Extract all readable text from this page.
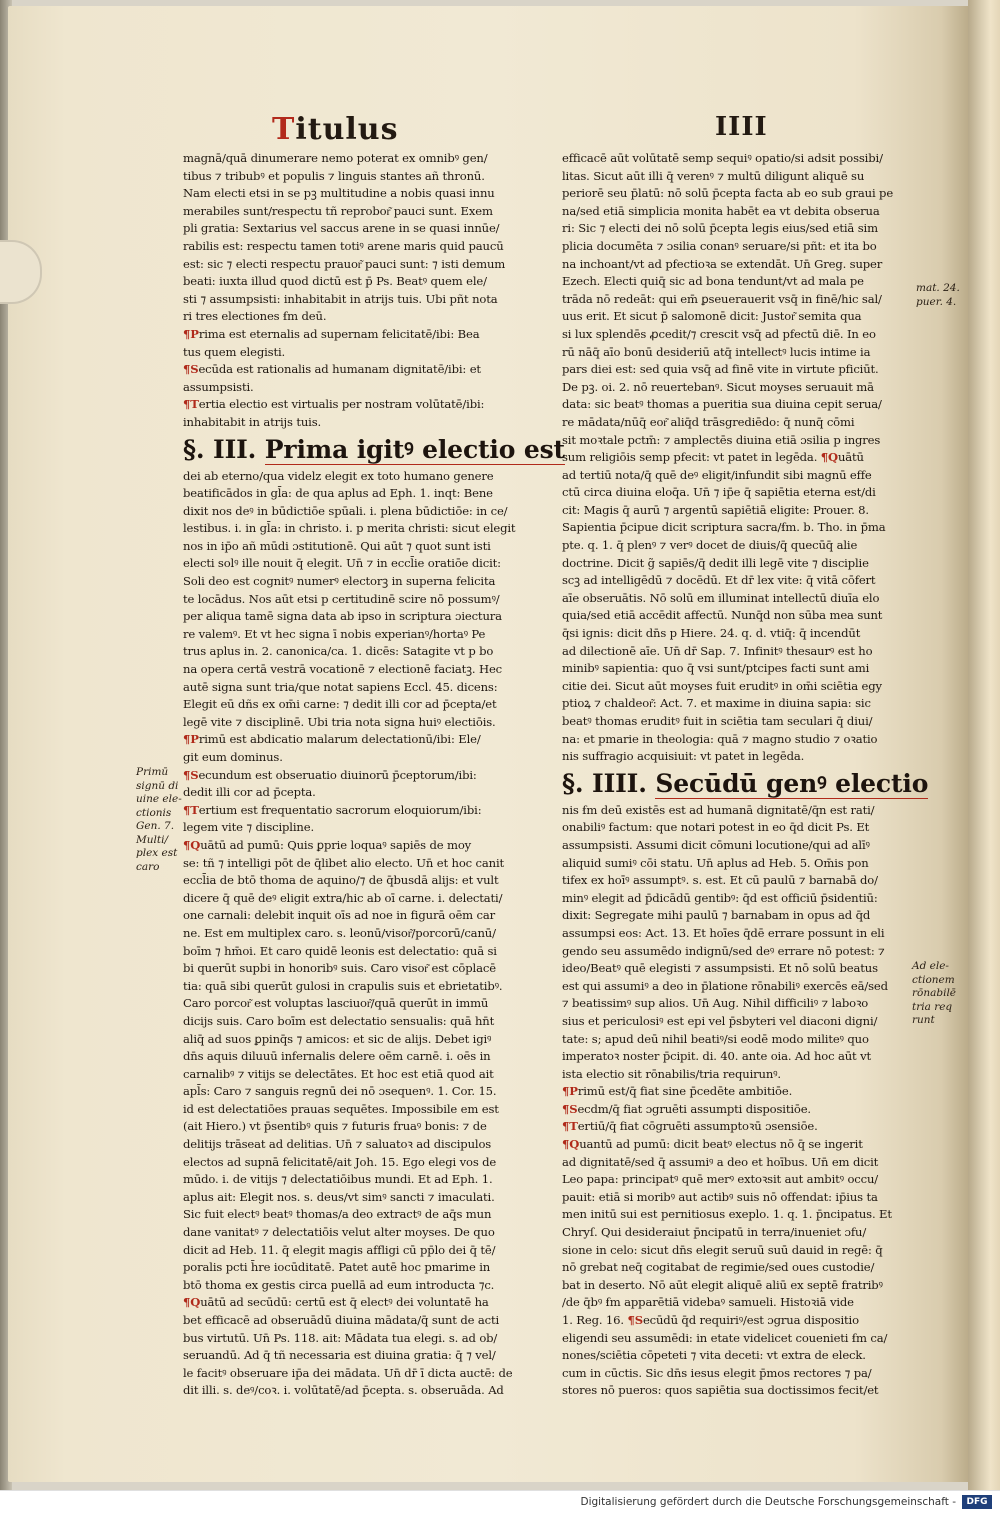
Titulus	IIII
Primū
signū di
uine ele-
ctionis
Gen. 7.
Multi/
plex est
caro
mat. 24.
puer. 4.
Ad ele-
ctionem
rōnabilē
tria req
runt

magnā/quā dinumerare nemo poterat ex omnibꝰ gen/

tibus ⁊ tribubꝰ et populis ⁊ linguis stantes añ thronū.

Nam electi etsi in se pꝫ multitudine a nobis quasi innu

merabiles sunt/respectu tñ reprobor͂ pauci sunt. Exem

pli gratia: Sextarius vel saccus arene in se quasi innūe/

rabilis est: respectu tamen totiꝰ arene maris quid paucū

est: sic ⁊ electi respectu prauor͂ pauci sunt: ⁊ isti demum

beati: iuxta illud quod dictū est p̄ Ps. Beatꝰ quem ele/

sti ⁊ assumpsisti: inhabitabit in atrijs tuis. Ubi pñt nota

ri tres electiones ẜm deū.

¶Prima est eternalis ad supernam felicitatē/ibi: Bea

tus quem elegisti.

¶Secūda est rationalis ad humanam dignitatē/ibi: et

assumpsisti.

¶Tertia electio est virtualis per nostram volūtatē/ibi:

inhabitabit in atrijs tuis.

§. III. Prima igitꝰ electio est

dei ab eterno/qua videlz elegit ex toto humano genere

beatificādos in gl̄a: de qua aplus ad Eph. 1. inqt: Bene

dixit nos deꝰ in būdictiōe spūali. i. plena būdictiōe: in ce/

lestibus. i. in gl̄a: in christo. i. p merita christi: sicut elegit

nos in ip̄o añ mūdi ɔstitutionē. Qui aūt ⁊ quot sunt isti

electi solꝰ ille nouit q̄ elegit. Un̄ ⁊ in eccl̄ie oratiōe dicit:

Soli deo est cognitꝰ numerꝰ electorꝫ in superna felicita

te locādus. Nos aūt etsi p certitudinē scire nō possumꝰ/

per aliqua tamē signa data ab ipso in scriptura ɔiectura

re valemꝰ. Et vt hec signa ī nobis experianꝰ/hortaꝰ Pe

trus aplus in. 2. canonica/ca. 1. dicēs: Satagite vt p bo

na opera certā vestrā vocationē ⁊ electionē faciatꝫ. Hec

autē signa sunt tria/que notat sapiens Eccl. 45. dicens:

Elegit eū dñs ex om̄i carne: ⁊ dedit illi cor ad p̄cepta/et

legē vite ⁊ disciplinē. Ubi tria nota signa huiꝰ electiōis.

¶Primū est abdicatio malarum delectationū/ibi: Ele/

git eum dominus.

¶Secundum est obseruatio diuinorū p̄ceptorum/ibi:

dedit illi cor ad p̄cepta.

¶Tertium est frequentatio sacrorum eloquiorum/ibi:

legem vite ⁊ discipline.

¶Quātū ad pumū: Quis ꝑprie loquaꝰ sapiēs de moy

se: tñ ⁊ intelligi pōt de q̄libet alio electo. Un̄ et hoc canit

eccl̄ia de btō thoma de aquino/⁊ de q̄busdā alijs: et vult

dicere q̄ quē deꝰ eligit extra/hic ab oī carne. i. delectati/

one carnali: delebit inquit oīs ad noe in figurā oēm car

ne. Est em multiplex caro. s. leonū/visor͂/porcorū/canū/

boīm ⁊ hm̄oi. Et caro quidē leonis est delectatio: quā si

bi querūt supbi in honoribꝰ suis. Caro visor͂ est cōplacē

tia: quā sibi querūt gulosi in crapulis suis et ebrietatibꝰ.

Caro porcor͂ est voluptas lasciuor͂/quā querūt in immū

dicijs suis. Caro boīm est delectatio sensualis: quā hn̄t

aliq̄ ad suos ꝑpinq̄s ⁊ amicos: et sic de alijs. Debet igiꝰ

dn̄s aquis diluuū infernalis delere oēm carnē. i. oēs in

carnalibꝰ ⁊ vitijs se delectātes. Et hoc est etiā quod ait

apl̄s: Caro ⁊ sanguis regnū dei nō ɔsequenꝰ. 1. Cor. 15.

id est delectatiōes prauas sequētes. Impossibile em est

(ait Hiero.) vt p̄sentibꝰ quis ⁊ futuris fruaꝰ bonis: ⁊ de

delitijs trāseat ad delitias. Un̄ ⁊ saluatoꝛ ad discipulos

electos ad supnā felicitatē/ait Joh. 15. Ego elegi vos de

mūdo. i. de vitijs ⁊ delectatiōibus mundi. Et ad Eph. 1.

aplus ait: Elegit nos. s. deus/vt simꝰ sancti ⁊ imaculati.

Sic fuit electꝰ beatꝰ thomas/a deo extractꝰ de aq̄s mun

dane vanitatꝰ ⁊ delectatiōis velut alter moyses. De quo

dicit ad Heb. 11. q̄ elegit magis affligi cū pp̄lo dei q̄ tē/

poralis pcti h̄re iocūditatē. Patet autē hoc pmarime in

btō thoma ex gestis circa puellā ad eum introducta ⁊c.

¶Quātū ad secūdū: certū est q̄ electꝰ dei voluntatē ha

bet efficacē ad obseruādū diuina mādata/q̄ sunt de acti

bus virtutū. Un̄ Ps. 118. ait: Mādata tua elegi. s. ad ob/

seruandū. Ad q̄ tñ necessaria est diuina gratia: q̄ ⁊ vel/

le facitꝰ obseruare ip̄a dei mādata. Un̄ dr̄ ī dicta auctē: de

dit illi. s. deꝰ/coꝛ. i. volūtatē/ad p̄cepta. s. obseruāda. Ad

efficacē aūt volūtatē semp sequiꝰ opatio/si adsit possibi/

litas. Sicut aūt illi q̄ verenꝰ ⁊ multū diligunt aliquē su

periorē seu p̄latū: nō solū p̄cepta facta ab eo sub graui pe

na/sed etiā simplicia monita habēt ea vt debita obserua

ri: Sic ⁊ electi dei nō solū p̄cepta legis eius/sed etiā sim

plicia documēta ⁊ ɔsilia conanꝰ seruare/si pñt: et ita bo

na inchoant/vt ad pfectioꝛa se extendāt. Un̄ Greg. super

Ezech. Electi quiq̄ sic ad bona tendunt/vt ad mala pe

trāda nō redeāt: qui em̄ ꝑseuerauerit vsq̄ in finē/hic sal/

uus erit. Et sicut p̄ salomonē dicit: Justor͂ semita qua

si lux splendēs ꝓcedit/⁊ crescit vsq̄ ad pfectū diē. In eo

rū nāq̄ aīo bonū desideriū atq̄ intellectꝰ lucis intime ia

pars diei est: sed quia vsq̄ ad finē vite in virtute pficiūt.

De pꝫ. oi. 2. nō reuertebanꝰ. Sicut moyses seruauit mā

data: sic beatꝰ thomas a pueritia sua diuina cepit serua/

re mādata/nūq̄ eor͂ aliq̄d trāsgrediēdo: q̄ nunq̄ cōmi

sit moꝛtale pctm̄: ⁊ amplectēs diuina etiā ɔsilia p ingres

sum religiōis semp pfecit: vt patet in legēda. ¶Quātū

ad tertiū nota/q̄ quē deꝰ eligit/infundit sibi magnū effe

ctū circa diuina eloq̄a. Un̄ ⁊ ip̄e q̄ sapiētia eterna est/di

cit: Magis q̄ aurū ⁊ argentū sapiētiā eligite: Prouer. 8.

Sapientia p̄cipue dicit scriptura sacra/ẜm. b. Tho. in p̄ma

pte. q. 1. q̄ plenꝰ ⁊ verꝰ docet de diuis/q̄ quecūq̄ alie

doctrine. Dicit g̃ sapiēs/q̄ dedit illi legē vite ⁊ disciplie

scꝫ ad intelligēdū ⁊ docēdū. Et dr̄ lex vite: q̄ vitā cōfert

aīe obseruātis. Nō solū em illuminat intellectū diuīa elo

quia/sed etiā accēdit affectū. Nunq̄d non sūba mea sunt

q̄si ignis: dicit dn̄s p Hiere. 24. q. d. vtiq̄: q̄ incendūt

ad dilectionē aīe. Un̄ dr̄ Sap. 7. Infinitꝰ thesaurꝰ est ho

minibꝰ sapientia: quo q̄ vsi sunt/ptcipes facti sunt ami

citie dei. Sicut aūt moyses fuit eruditꝰ in om̄i sciētia egy

ptioꝝ ⁊ chaldeor͂: Act. 7. et maxime in diuina sapia: sic

beatꝰ thomas eruditꝰ fuit in sciētia tam seculari q̄ diui/

na: et pmarie in theologia: quā ⁊ magno studio ⁊ oꝛatio

nis suffragio acquisiuit: vt patet in legēda.

§. IIII. Secūdū genꝰ electio

nis ẜm deū existēs est ad humanā dignitatē/q̄n est rati/

onabiliꝰ factum: que notari potest in eo q̄d dicit Ps. Et

assumpsisti. Assumi dicit cōmuni locutione/qui ad alīꝰ

aliquid sumiꝰ cōi statu. Un̄ aplus ad Heb. 5. Om̄is pon

tifex ex hoīꝰ assumptꝰ. s. est. Et cū paulū ⁊ barnabā do/

minꝰ elegit ad p̄dicādū gentibꝰ: q̄d est officiū p̄sidentiū:

dixit: Segregate mihi paulū ⁊ barnabam in opus ad q̄d

assumpsi eos: Act. 13. Et hoīes q̄dē errare possunt in eli

gendo seu assumēdo indignū/sed deꝰ errare nō potest: ⁊

ideo/Beatꝰ quē elegisti ⁊ assumpsisti. Et nō solū beatus

est qui assumiꝰ a deo in p̄latione rōnabiliꝰ exercēs eā/sed

⁊ beatissimꝰ sup alios. Un̄ Aug. Nihil difficiliꝰ ⁊ laboꝛo

sius et periculosiꝰ est epi vel p̄sbyteri vel diaconi digni/

tate: s; apud deū nihil beatiꝰ/si eodē modo militeꝰ quo

imperatoꝛ noster p̄cipit. di. 40. ante oia. Ad hoc aūt vt

ista electio sit rōnabilis/tria requirunꝰ.

¶Primū est/q̄ fiat sine p̄cedēte ambitiōe.

¶Secdm/q̄ fiat ɔgruēti assumpti dispositiōe.

¶Tertiū/q̄ fiat cōgruēti assumptoꝛū ɔsensiōe.

¶Quantū ad pumū: dicit beatꝰ electus nō q̄ se ingerit

ad dignitatē/sed q̄ assumiꝰ a deo et hoībus. Un̄ em dicit

Leo papa: principatꝰ quē merꝰ extoꝛsit aut ambitꝰ occu/

pauit: etiā si moribꝰ aut actibꝰ suis nō offendat: ip̄ius ta

men initū sui est pernitiosus exeplo. 1. q. 1. p̄ncipatus. Et

Chryſ. Qui desideraiut p̄ncipatū in terra/inueniet ɔfu/

sione in celo: sicut dn̄s elegit seruū suū dauid in regē: q̄

nō grebat neq̄ cogitabat de regimie/sed oues custodie/

bat in deserto. Nō aūt elegit aliquē aliū ex septē fratribꝰ

/de q̄bꝰ ẜm apparētiā videbaꝰ samueli. Histoꝛiā vide

1. Reg. 16. ¶Secūdū q̄d requiriꝰ/est ɔgrua dispositio

eligendi seu assumēdi: in etate videlicet couenieti ẜm ca/

nones/sciētia cōpeteti ⁊ vita deceti: vt extra de eleck.

cum in cūctis. Sic dn̄s iesus elegit p̄mos rectores ⁊ pa/

stores nō pueros: quos sapiētia sua doctissimos fecit/et

Digitalisierung gefördert durch die Deutsche Forschungsgemeinschaft -	DFG
